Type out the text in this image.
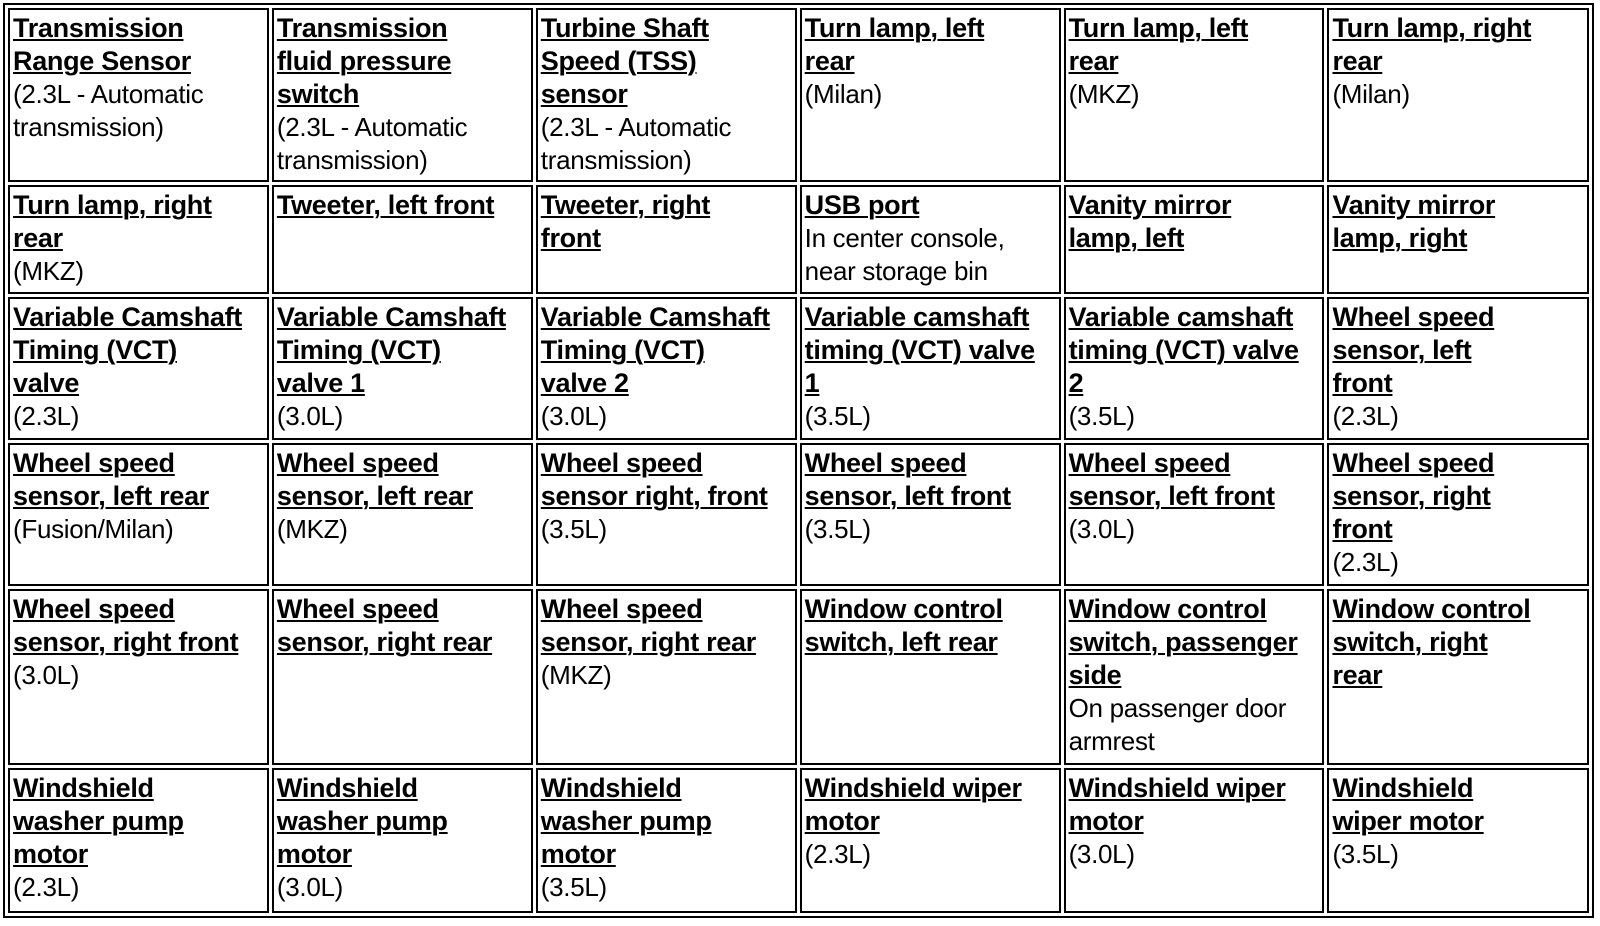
Transmission
Range Sensor
(2.3L - Automatic
transmission)	Transmission
fluid pressure
switch
(2.3L - Automatic
transmission)	Turbine Shaft
Speed (TSS)
sensor
(2.3L - Automatic
transmission)	Turn lamp, left
rear
(Milan)	Turn lamp, left
rear
(MKZ)	Turn lamp, right
rear
(Milan)

Turn lamp, right
rear
(MKZ)	Tweeter, left front	Tweeter, right
front	USB port
In center console,
near storage bin	Vanity mirror
lamp, left	Vanity mirror
lamp, right

Variable Camshaft
Timing (VCT)
valve
(2.3L)	Variable Camshaft
Timing (VCT)
valve 1
(3.0L)	Variable Camshaft
Timing (VCT)
valve 2
(3.0L)	Variable camshaft
timing (VCT) valve
1
(3.5L)	Variable camshaft
timing (VCT) valve
2
(3.5L)	Wheel speed
sensor, left
front
(2.3L)

Wheel speed
sensor, left rear
(Fusion/Milan)	Wheel speed
sensor, left rear
(MKZ)	Wheel speed
sensor right, front
(3.5L)	Wheel speed
sensor, left front
(3.5L)	Wheel speed
sensor, left front
(3.0L)	Wheel speed
sensor, right
front
(2.3L)

Wheel speed
sensor, right front
(3.0L)	Wheel speed
sensor, right rear	Wheel speed
sensor, right rear
(MKZ)	Window control
switch, left rear	Window control
switch, passenger
side
On passenger door
armrest	Window control
switch, right
rear

Windshield
washer pump
motor
(2.3L)	Windshield
washer pump
motor
(3.0L)	Windshield
washer pump
motor
(3.5L)	Windshield wiper
motor
(2.3L)	Windshield wiper
motor
(3.0L)	Windshield
wiper motor
(3.5L)
